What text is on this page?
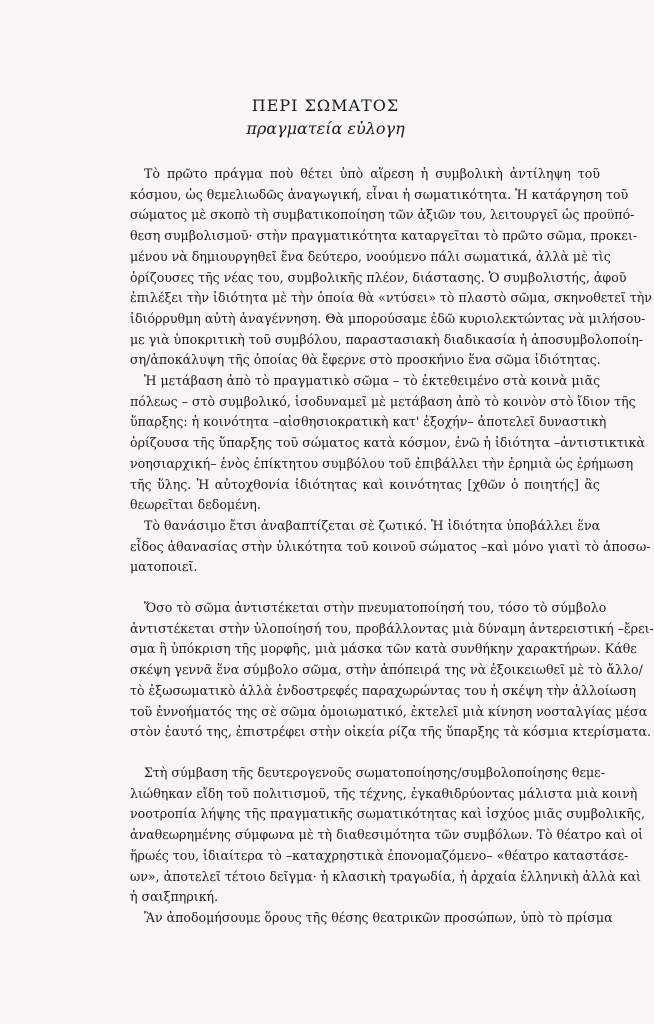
ΠΕΡΙ ΣΩΜΑΤΟΣ
πραγματεία εὐλογη
Τὸ πρῶτο πράγμα ποὺ θέτει ὑπὸ αἵρεση ἡ συμβολικὴ ἀντίληψη τοῦ
κόσμου, ὡς θεμελιωδῶς ἀναγωγική, εἶναι ἡ σωματικότητα. Ἡ κατάργηση τοῦ
σώματος μὲ σκοπὸ τὴ συμβατικοποίηση τῶν ἀξιῶν του, λειτουργεῖ ὡς προϋπό-
θεση συμβολισμοῦ· στὴν πραγματικότητα καταργεῖται τὸ πρῶτο σῶμα, προκει-
μένου νὰ δημιουργηθεῖ ἕνα δεύτερο, νοούμενο πάλι σωματικά, ἀλλὰ μὲ τὶς
ὁρίζουσες τῆς νέας του, συμβολικῆς πλέον, διάστασης. Ὁ συμβολιστής, ἀφοῦ
ἐπιλέξει τὴν ἰδιότητα μὲ τὴν ὁποία θὰ «ντύσει» τὸ πλαστὸ σῶμα, σκηνοθετεῖ τὴν
ἰδιόρρυθμη αὐτὴ ἀναγέννηση. Θὰ μπορούσαμε ἐδῶ κυριολεκτώντας νὰ μιλήσου-
με γιὰ ὑποκριτικὴ τοῦ συμβόλου, παραστασιακὴ διαδικασία ἡ ἀποσυμβολοποίη-
ση/ἀποκάλυψη τῆς ὁποίας θὰ ἔφερνε στὸ προσκήνιο ἕνα σῶμα ἰδιότητας.
Ἡ μετάβαση ἀπὸ τὸ πραγματικὸ σῶμα – τὸ ἐκτεθειμένο στὰ κοινὰ μιᾶς
πόλεως – στὸ συμβολικό, ἰσοδυναμεῖ μὲ μετάβαση ἀπὸ τὸ κοινὸν στὸ ἴδιον τῆς
ὕπαρξης: ἡ κοινότητα –αἰσθησιοκρατικὴ κατ' ἐξοχήν– ἀποτελεῖ δυναστικὴ
ὁρίζουσα τῆς ὕπαρξης τοῦ σώματος κατὰ κόσμον, ἐνῶ ἡ ἰδιότητα –ἀντιστικτικὰ
νοησιαρχική– ἑνὸς ἐπίκτητου συμβόλου τοῦ ἐπιβάλλει τὴν ἐρημιὰ ὡς ἐρήμωση
τῆς ὕλης. Ἡ αὐτοχθονία ἰδιότητας καὶ κοινότητας [χθῶν ὁ ποιητής] ἂς
θεωρεῖται δεδομένη.
Τὸ θανάσιμο ἔτσι ἀναβαπτίζεται σὲ ζωτικό. Ἡ ἰδιότητα ὑποβάλλει ἕνα
εἶδος ἀθανασίας στὴν ὑλικότητα τοῦ κοινοῦ σώματος –καὶ μόνο γιατὶ τὸ ἀποσω-
ματοποιεῖ.
Ὅσο τὸ σῶμα ἀντιστέκεται στὴν πνευματοποίησή του, τόσο τὸ σύμβολο
ἀντιστέκεται στὴν ὑλοποίησή του, προβάλλοντας μιὰ δύναμη ἀντερειστική –ἔρει-
σμα ἢ ὑπόκριση τῆς μορφῆς, μιὰ μάσκα τῶν κατὰ συνθήκην χαρακτήρων. Κάθε
σκέψη γεννᾶ ἕνα σύμβολο σῶμα, στὴν ἀπόπειρά της νὰ ἐξοικειωθεῖ μὲ τὸ ἄλλο/
τὸ ἐξωσωματικὸ ἀλλὰ ἐνδοστρεφές παραχωρώντας του ἡ σκέψη τὴν ἀλλοίωση
τοῦ ἐννοήματός της σὲ σῶμα ὁμοιωματικό, ἐκτελεῖ μιὰ κίνηση νοσταλγίας μέσα
στὸν ἑαυτό της, ἐπιστρέφει στὴν οἰκεία ρίζα τῆς ὕπαρξης τὰ κόσμια κτερίσματα.
Στὴ σύμβαση τῆς δευτερογενοῦς σωματοποίησης/συμβολοποίησης θεμε-
λιώθηκαν εἴδη τοῦ πολιτισμοῦ, τῆς τέχνης, ἐγκαθιδρύοντας μάλιστα μιὰ κοινὴ
νοοτροπία λήψης τῆς πραγματικῆς σωματικότητας καὶ ἰσχύος μιᾶς συμβολικῆς,
ἀναθεωρημένης σύμφωνα μὲ τὴ διαθεσιμότητα τῶν συμβόλων. Τὸ θέατρο καὶ οἱ
ἥρωές του, ἰδιαίτερα τὸ –καταχρηστικὰ ἐπονομαζόμενο– «θέατρο καταστάσε-
ων», ἀποτελεῖ τέτοιο δεῖγμα· ἡ κλασικὴ τραγωδία, ἡ ἀρχαία ἑλληνικὴ ἀλλὰ καὶ
ἡ σαιξπηρική.
Ἂν ἀποδομήσουμε ὅρους τῆς θέσης θεατρικῶν προσώπων, ὑπὸ τὸ πρίσμα
